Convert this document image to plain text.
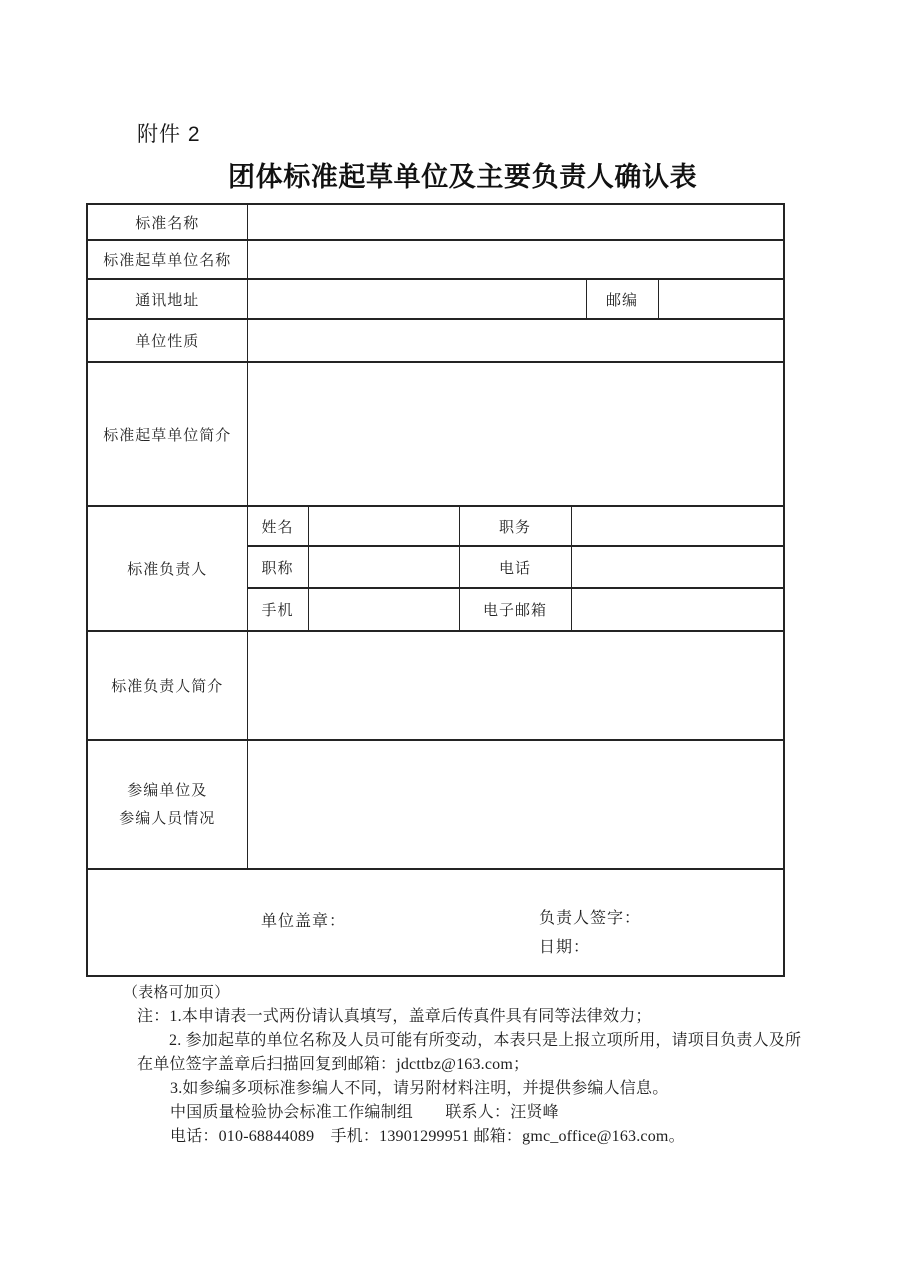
附件 2
团体标准起草单位及主要负责人确认表
标准名称						
标准起草单位名称						
通讯地址					邮编	
单位性质						
标准起草单位简介						
标准负责人	姓名		职务			
	职称		电话			
	手机		电子邮箱			
标准负责人简介						

参编单位及
参编人员情况						

单位盖章： 负责人签字：
日期：						
（表格可加页）
注：1.本申请表一式两份请认真填写，盖章后传真件具有同等法律效力；
2. 参加起草的单位名称及人员可能有所变动，本表只是上报立项所用，请项目负责人及所
在单位签字盖章后扫描回复到邮箱：jdcttbz@163.com；
3.如参编多项标准参编人不同，请另附材料注明，并提供参编人信息。
中国质量检验协会标准工作编制组　　联系人：汪贤峰
电话：010-68844089　手机：13901299951 邮箱：gmc_office@163.com。
